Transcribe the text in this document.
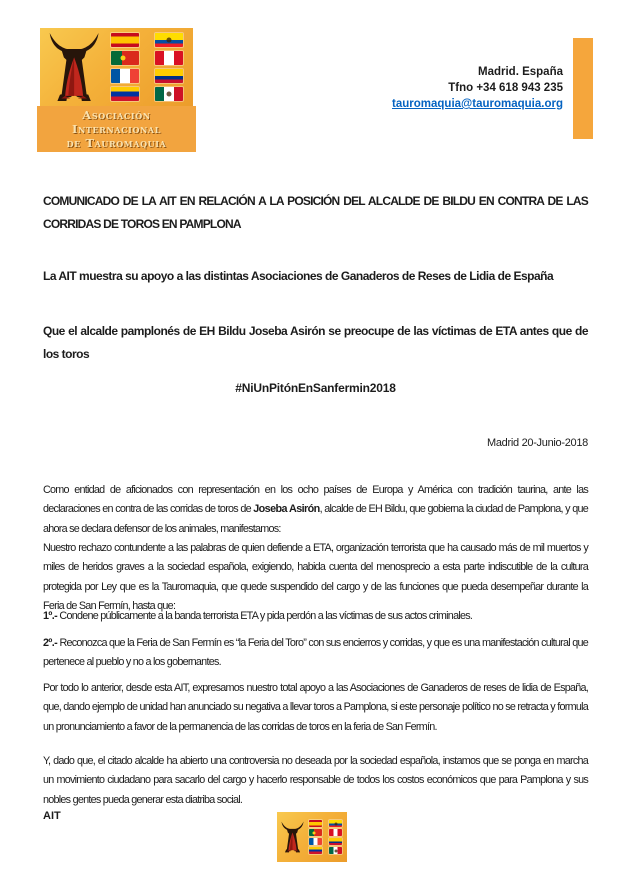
Asociación
Internacional
de Tauromaquia
Madrid. España
Tfno +34 618 943 235
tauromaquia@tauromaquia.org
COMUNICADO DE LA AIT EN RELACIÓN A LA POSICIÓN DEL ALCALDE DE BILDU EN CONTRA DE LAS CORRIDAS DE TOROS EN PAMPLONA
La AIT muestra su apoyo a las distintas Asociaciones de Ganaderos de Reses de Lidia de España
Que el alcalde pamplonés de EH Bildu Joseba Asirón se preocupe de las víctimas de ETA antes que de los toros
#NiUnPitónEnSanfermin2018
Madrid 20-Junio-2018
Como entidad de aficionados con representación en los ocho países de Europa y América con tradición taurina, ante las declaraciones en contra de las corridas de toros de Joseba Asirón, alcalde de EH Bildu, que gobierna la ciudad de Pamplona, y que ahora se declara defensor de los animales, manifestamos:
Nuestro rechazo contundente a las palabras de quien defiende a ETA, organización terrorista que ha causado más de mil muertos y miles de heridos graves a la sociedad española, exigiendo, habida cuenta del menosprecio a esta parte indiscutible de la cultura protegida por Ley que es la Tauromaquia, que quede suspendido del cargo y de las funciones que pueda desempeñar durante la Feria de San Fermín, hasta que:
1º.- Condene públicamente a la banda terrorista ETA y pida perdón a las víctimas de sus actos criminales.
2º.- Reconozca que la Feria de San Fermín es “la Feria del Toro” con sus encierros y corridas, y que es una manifestación cultural que pertenece al pueblo y no a los gobernantes.
Por todo lo anterior, desde esta AIT, expresamos nuestro total apoyo a las Asociaciones de Ganaderos de reses de lidia de España, que, dando ejemplo de unidad han anunciado su negativa a llevar toros a Pamplona, si este personaje político no se retracta y formula un pronunciamiento a favor de la permanencia de las corridas de toros en la feria de San Fermín.
Y, dado que, el citado alcalde ha abierto una controversia no deseada por la sociedad española, instamos que se ponga en marcha un movimiento ciudadano para sacarlo del cargo y hacerlo responsable de todos los costos económicos que para Pamplona y sus nobles gentes pueda generar esta diatriba social.
AIT
